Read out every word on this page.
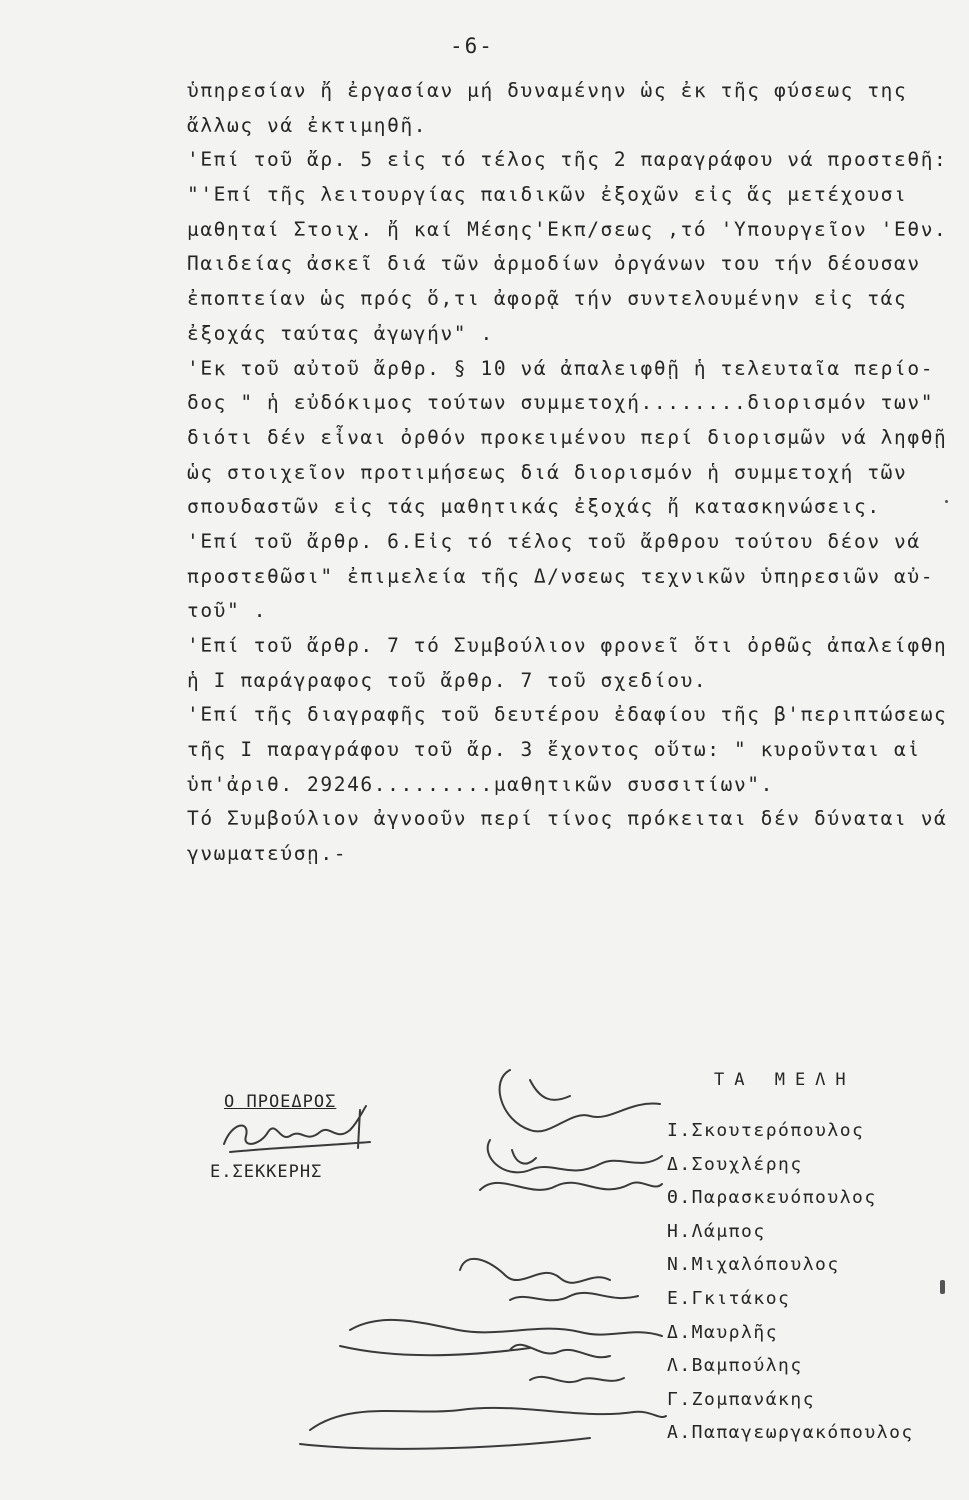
-6-
ὑπηρεσίαν ἤ ἐργασίαν μή δυναμένην ὡς ἐκ τῆς φύσεως της
ἄλλως νά ἐκτιμηθῆ.
'Επί τοῦ ἄρ. 5 εἰς τό τέλος τῆς 2 παραγράφου νά προστεθῆ:
"'Επί τῆς λειτουργίας παιδικῶν ἐξοχῶν εἰς ἅς μετέχουσι
μαθηταί Στοιχ. ἤ καί Μέσης'Εκπ/σεως ,τό 'Υπουργεῖον 'Εθν.
Παιδείας ἀσκεῖ διά τῶν ἁρμοδίων ὀργάνων του τήν δέουσαν
ἐποπτείαν ὡς πρός ὅ,τι ἀφορᾷ τήν συντελουμένην εἰς τάς
ἐξοχάς ταύτας ἀγωγήν" .
'Εκ τοῦ αὐτοῦ ἄρθρ. § 10 νά ἀπαλειφθῇ ἡ τελευταῖα περίο-
δος " ἡ εὐδόκιμος τούτων συμμετοχή........διορισμόν των"
διότι δέν εἶναι ὀρθόν προκειμένου περί διορισμῶν νά ληφθῇ
ὡς στοιχεῖον προτιμήσεως διά διορισμόν ἡ συμμετοχή τῶν
σπουδαστῶν εἰς τάς μαθητικάς ἐξοχάς ἤ κατασκηνώσεις.
'Επί τοῦ ἄρθρ. 6.Εἰς τό τέλος τοῦ ἄρθρου τούτου δέον νά
προστεθῶσι" ἐπιμελεία τῆς Δ/νσεως τεχνικῶν ὑπηρεσιῶν αὐ-
τοῦ" .
'Επί τοῦ ἄρθρ. 7 τό Συμβούλιον φρονεῖ ὅτι ὀρθῶς ἀπαλείφθη
ἡ I παράγραφος τοῦ ἄρθρ. 7 τοῦ σχεδίου.
'Επί τῆς διαγραφῆς τοῦ δευτέρου ἐδαφίου τῆς β'περιπτώσεως
τῆς I παραγράφου τοῦ ἄρ. 3 ἔχοντος οὕτω: " κυροῦνται αἱ
ὑπ'ἀριθ. 29246.........μαθητικῶν συσσιτίων".
Τό Συμβούλιον ἀγνοοῦν περί τίνος πρόκειται δέν δύναται νά
γνωματεύσῃ.-
Ο ΠΡΟΕΔΡΟΣ
Ε.ΣΕΚΚΕΡΗΣ
ΤΑ ΜΕΛΗ
Ι.Σκουτερόπουλος
Δ.Σουχλέρης
Θ.Παρασκευόπουλος
Η.Λάμπος
Ν.Μιχαλόπουλος
Ε.Γκιτάκος
Δ.Μαυρλῆς
Λ.Βαμπούλης
Γ.Ζομπανάκης
Α.Παπαγεωργακόπουλος
